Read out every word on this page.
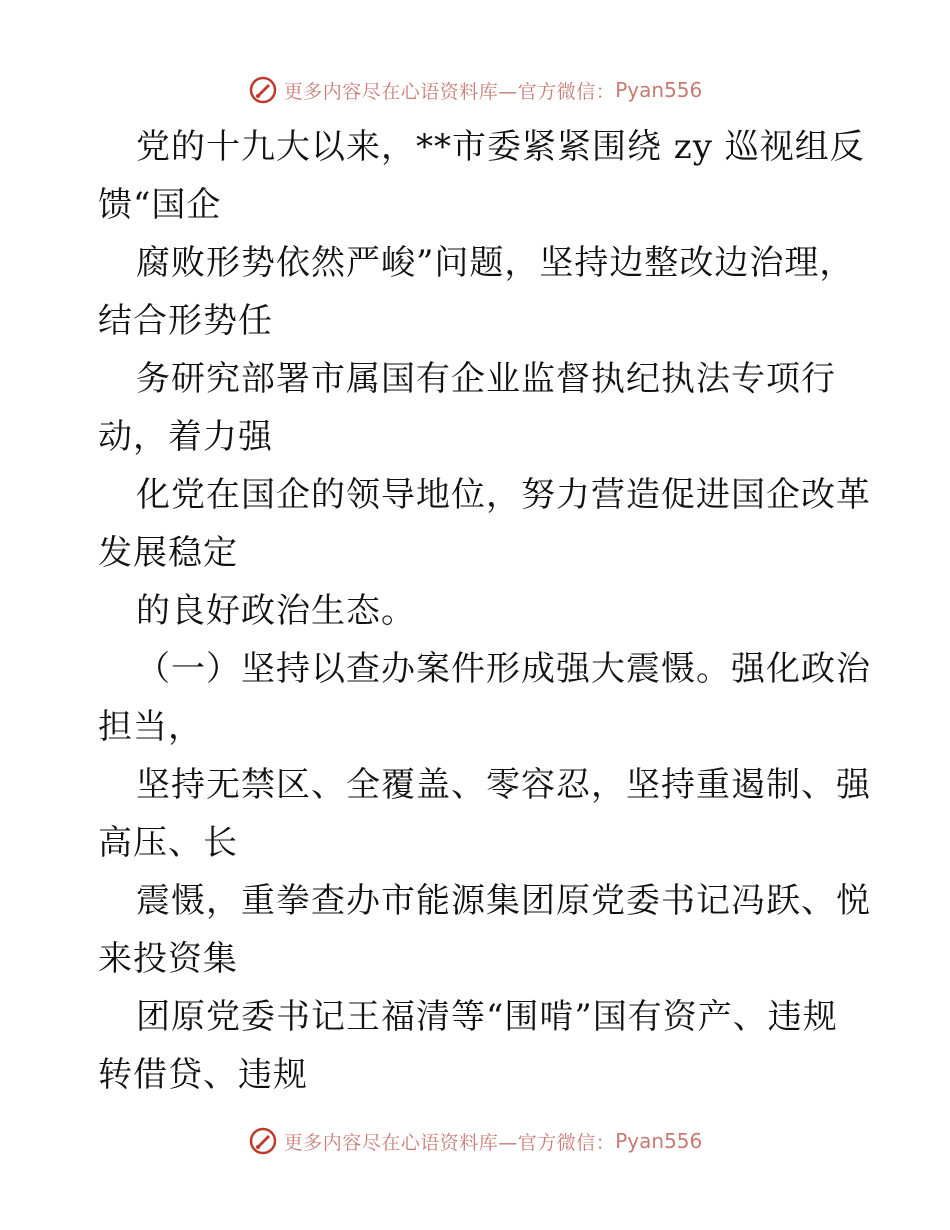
更多内容尽在心语资料库—官方微信： Pyan556
党的十九大以来，**市委紧紧围绕 zy 巡视组反
馈“国企
腐败形势依然严峻”问题，坚持边整改边治理，
结合形势任
务研究部署市属国有企业监督执纪执法专项行
动，着力强
化党在国企的领导地位，努力营造促进国企改革
发展稳定
的良好政治生态。
（一）坚持以查办案件形成强大震慑。强化政治
担当，
坚持无禁区、全覆盖、零容忍，坚持重遏制、强
高压、长
震慑，重拳查办市能源集团原党委书记冯跃、悦
来投资集
团原党委书记王福清等“围啃”国有资产、违规
转借贷、违规
更多内容尽在心语资料库—官方微信： Pyan556
